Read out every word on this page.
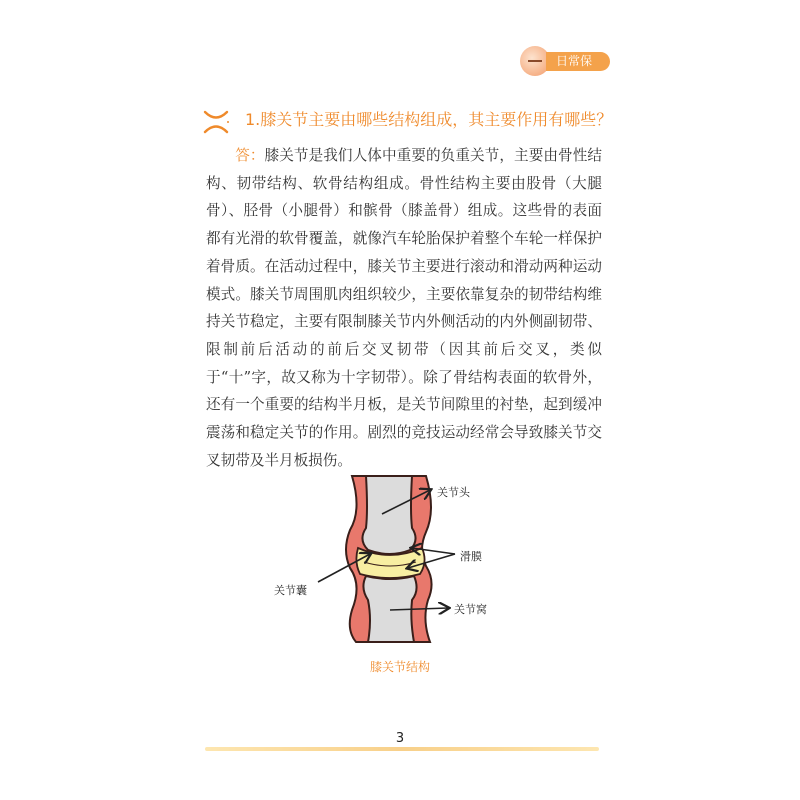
日常保健
1.膝关节主要由哪些结构组成，其主要作用有哪些？

答：膝关节是我们人体中重要的负重关节，主要由骨性结构、韧带结构、软骨结构组成。骨性结构主要由股骨（大腿骨）、胫骨（小腿骨）和髌骨（膝盖骨）组成。这些骨的表面都有光滑的软骨覆盖，就像汽车轮胎保护着整个车轮一样保护着骨质。在活动过程中，膝关节主要进行滚动和滑动两种运动模式。膝关节周围肌肉组织较少，主要依靠复杂的韧带结构维持关节稳定，主要有限制膝关节内外侧活动的内外侧副韧带、限制前后活动的前后交叉韧带（因其前后交叉，类似于“十”字，故又称为十字韧带）。除了骨结构表面的软骨外，还有一个重要的结构半月板，是关节间隙里的衬垫，起到缓冲震荡和稳定关节的作用。剧烈的竞技运动经常会导致膝关节交叉韧带及半月板损伤。

关节头
滑膜
关节囊
关节窝
膝关节结构
3
